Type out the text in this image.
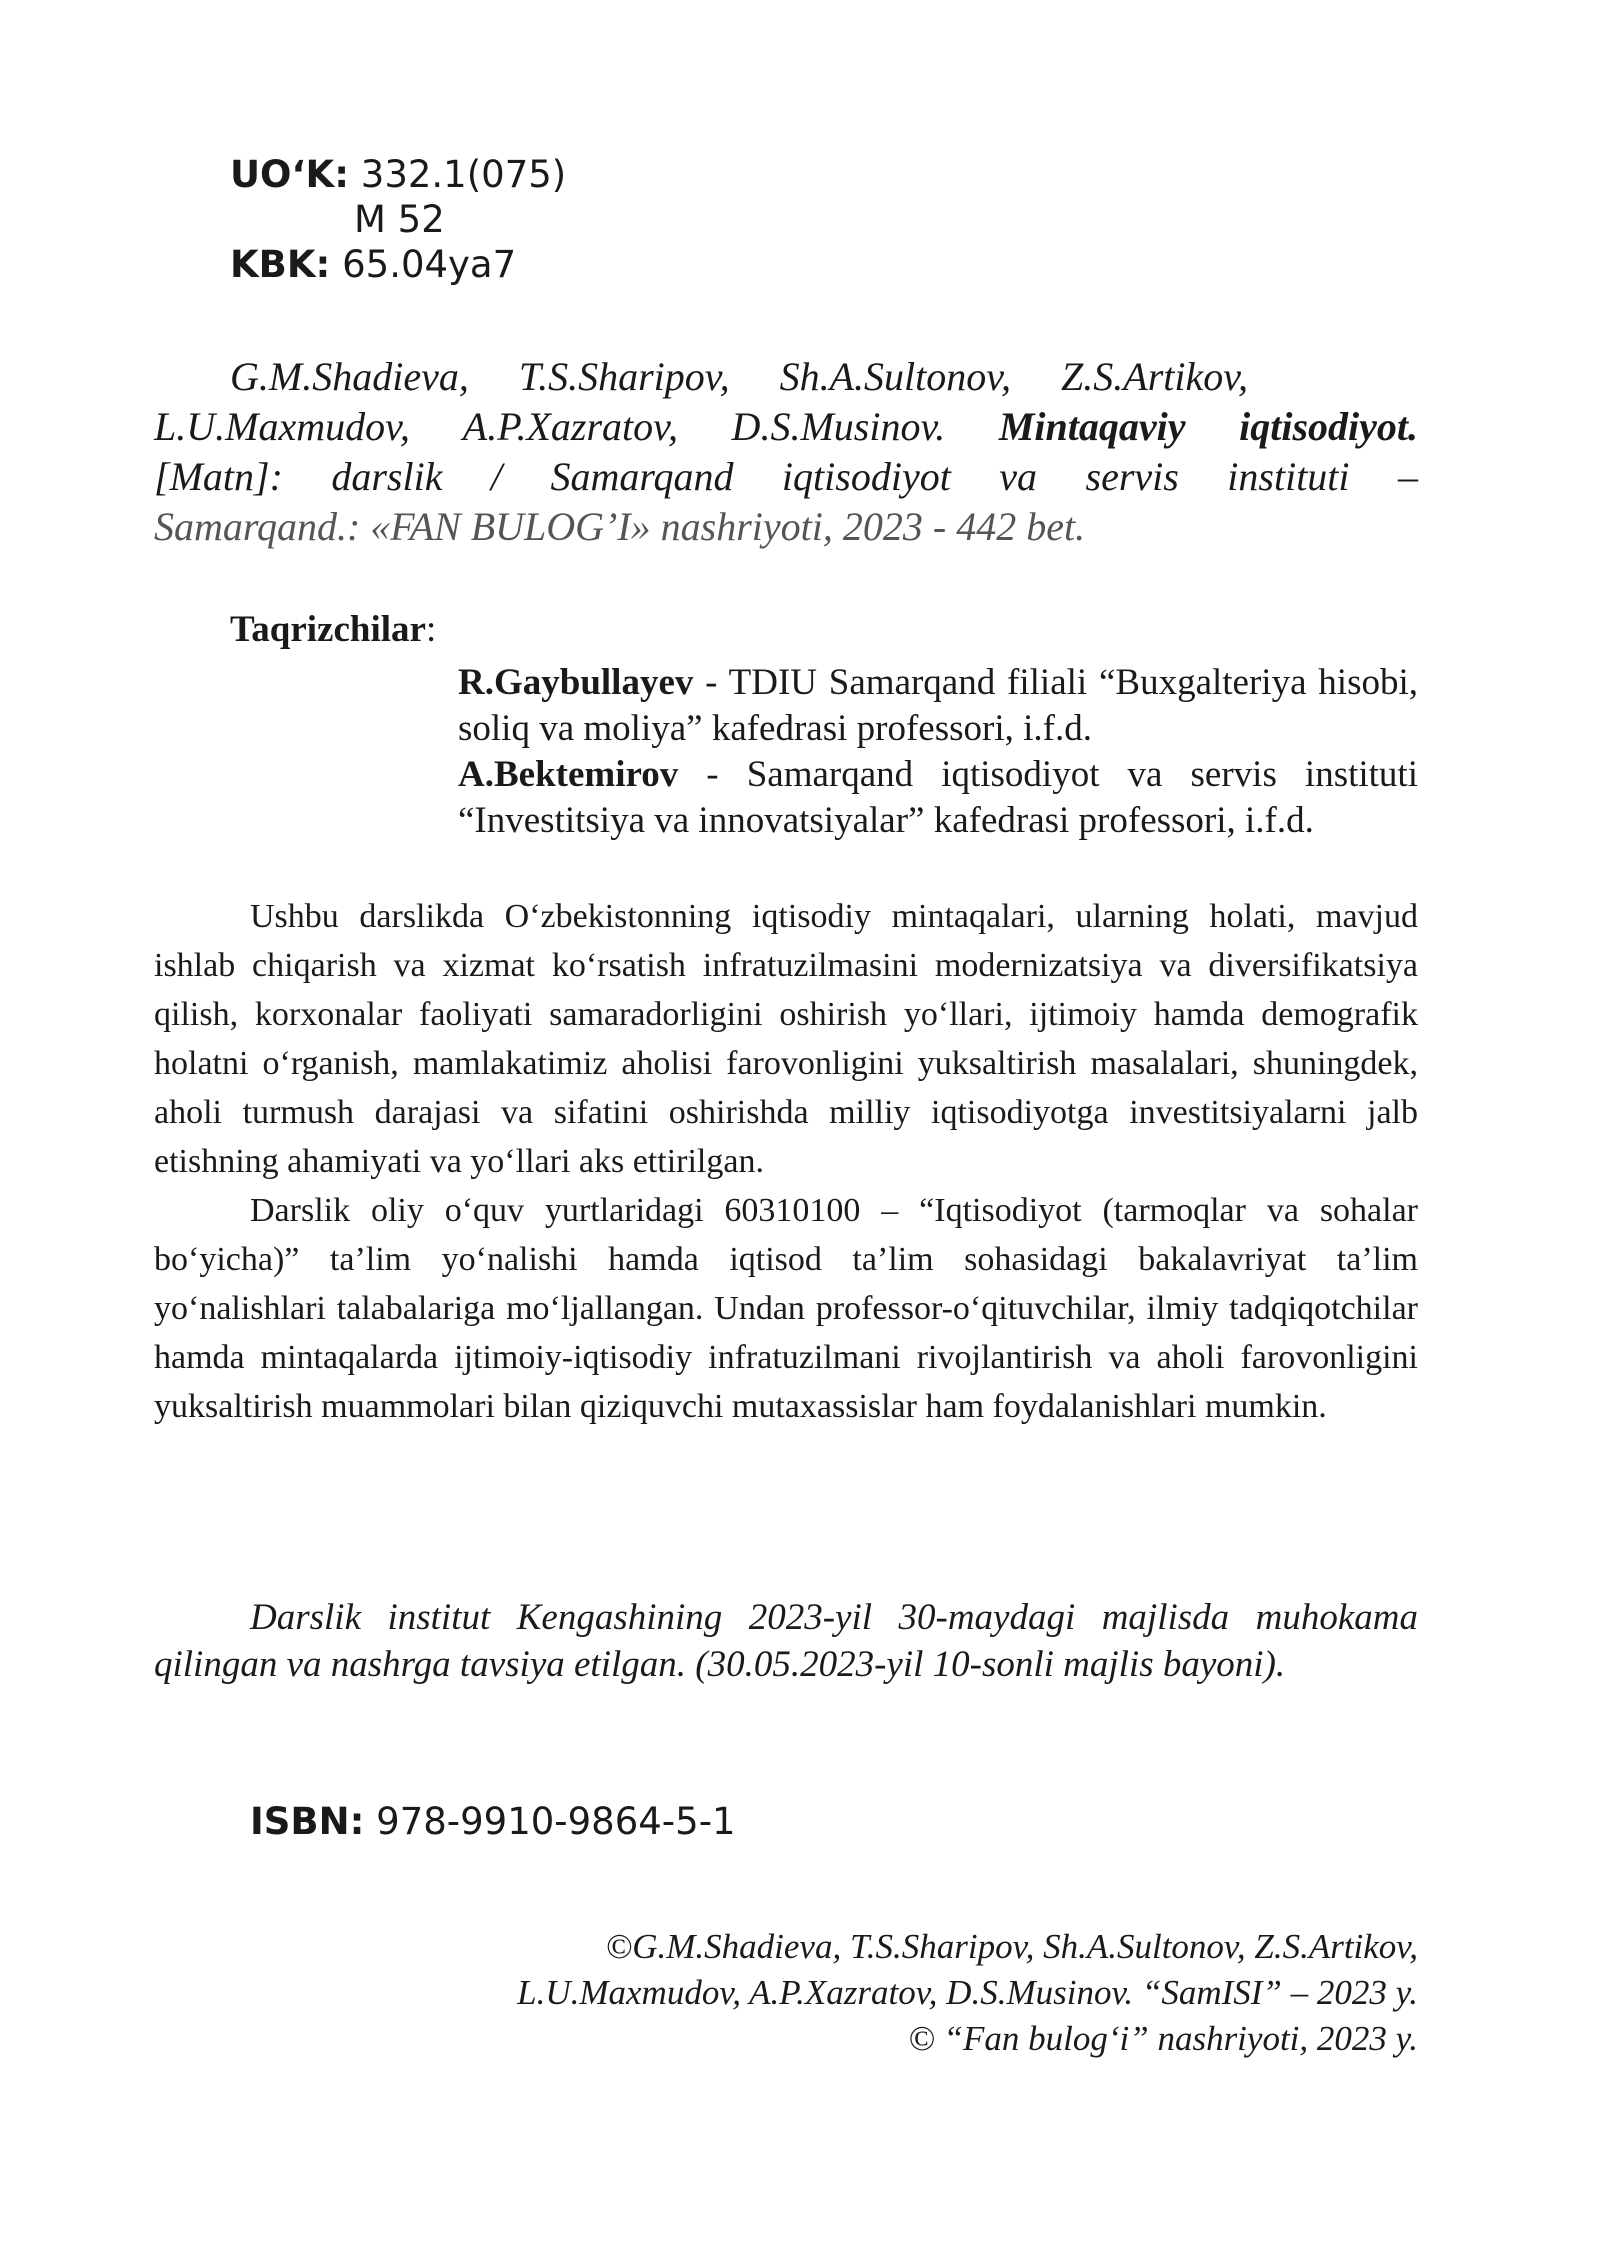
UO‘K: 332.1(075)
M 52
KBK: 65.04ya7

G.M.Shadieva,     T.S.Sharipov,     Sh.A.Sultonov,     Z.S.Artikov,

L.U.Maxmudov, A.P.Xazratov, D.S.Musinov. Mintaqaviy iqtisodiyot.

[Matn]: darslik / Samarqand iqtisodiyot va servis instituti –

Samarqand.: «FAN BULOG’I» nashriyoti, 2023 - 442 bet.

Taqrizchilar:

R.Gaybullayev - TDIU Samarqand filiali “Buxgalteriya hisobi, soliq va moliya” kafedrasi professori, i.f.d.

A.Bektemirov - Samarqand iqtisodiyot va servis instituti “Investitsiya va innovatsiyalar” kafedrasi professori, i.f.d.

Ushbu darslikda O‘zbekistonning iqtisodiy mintaqalari, ularning holati, mavjud ishlab chiqarish va xizmat ko‘rsatish infratuzilmasini modernizatsiya va diversifikatsiya qilish, korxonalar faoliyati samaradorligini oshirish yo‘llari, ijtimoiy hamda demografik holatni o‘rganish, mamlakatimiz aholisi farovonligini yuksaltirish masalalari, shuningdek, aholi turmush darajasi va sifatini oshirishda milliy iqtisodiyotga investitsiyalarni jalb etishning ahamiyati va yo‘llari aks ettirilgan.

Darslik oliy o‘quv yurtlaridagi 60310100 – “Iqtisodiyot (tarmoqlar va sohalar bo‘yicha)” ta’lim yo‘nalishi hamda iqtisod ta’lim sohasidagi bakalavriyat ta’lim yo‘nalishlari talabalariga mo‘ljallangan. Undan professor-o‘qituvchilar, ilmiy tadqiqotchilar hamda mintaqalarda ijtimoiy-iqtisodiy infratuzilmani rivojlantirish va aholi farovonligini yuksaltirish muammolari bilan qiziquvchi mutaxassislar ham foydalanishlari mumkin.

Darslik institut Kengashining 2023-yil 30-maydagi majlisda muhokama qilingan va nashrga tavsiya etilgan. (30.05.2023-yil 10-sonli majlis bayoni).

ISBN: 978-9910-9864-5-1
©G.M.Shadieva, T.S.Sharipov, Sh.A.Sultonov, Z.S.Artikov,
L.U.Maxmudov, A.P.Xazratov, D.S.Musinov. “SamISI” – 2023 y.
© “Fan bulog‘i” nashriyoti, 2023 y.
